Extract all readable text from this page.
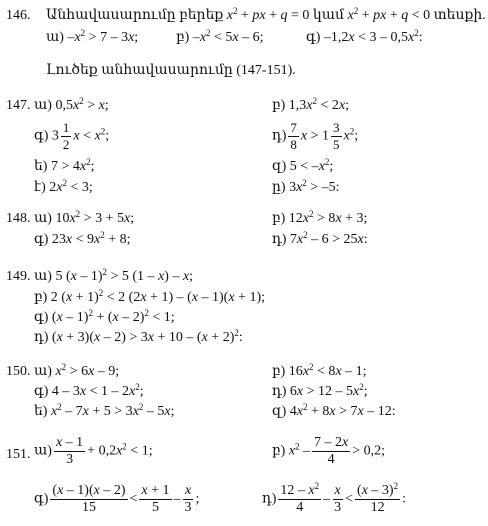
146. Անհավասարումը բերեք $x^2$ + px + q = 0 կամ $x^2$ + px + q < 0 տեսքի.
ա) $-x^2 > 7 - 3x$;	բ) $-x^2 < 5x - 6$;	գ) $-1,2x < 3 - 0,5x^2$:
Լուծեք անհավասարումը (147-151).
147. ա) $0,5x^2 > x$;	բ) $1,3x^2 < 2x$;
գ) $3 \frac{1}{2}$ $x < x^2$;	դ) $\frac{7}{8}$ $x > 1 \frac{3}{5} x^2$;
ե) $7 > 4x^2$;	զ) $5 < -x^2$;
է) $2x^2 < 3$;	ը) $3x^2 > -5$:
148. ա) $10x^2 > 3 + 5x$;	բ) $12x^2 > 8x + 3$;
գ) $23x < 9x^2 + 8$;	դ) $7x^2 - 6 > 25x$:
149. ա) 5 (x – 1)$^2$ > 5 (1 – x) – x;
բ) 2 $(x + 1)^2 < 2$ (2x + 1) – (x – 1)(x + 1);
գ) (x – 1)$^2$ + (x – 2)$^2$ < 1;
դ) $(x + 3)(x - 2) > 3x + 10 - (x + 2)^2$:
150. ա) $x^2 > 6x - 9$;	բ) $16x^2 < 8x - 1$;
գ) $4 - 3x < 1 - 2x^2$;	դ) $6x > 12 - 5x^2$;
ե) $x^2 - 7x + 5 > 3x^2 - 5x$;	զ) $4x^2 + 8x > 7x - 12$:
151. ա) $\frac{x - 1}{3} + 0,2x^2 < 1$;	բ) $x^2 - \frac{7 - 2x}{4} > 0,2$;
գ) $\frac{(x - 1)(x - 2)}{15} < \frac{x + 1}{5} - \frac{x}{3}$ ;	դ) $\frac{12 - x^2}{4} - \frac{x}{3} < \frac{(x - 3)^2}{12}$ :
